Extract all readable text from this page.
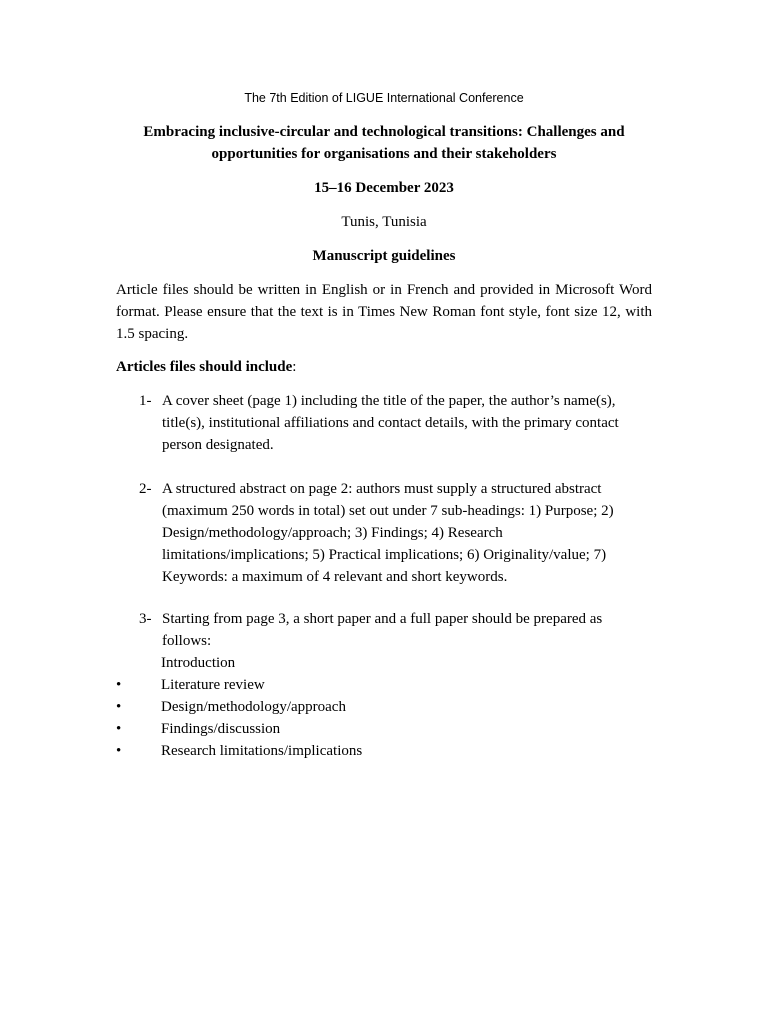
The 7th Edition of LIGUE International Conference
Embracing inclusive-circular and technological transitions: Challenges and
opportunities for organisations and their stakeholders
15–16 December 2023
Tunis, Tunisia
Manuscript guidelines

Article files should be written in English or in French and provided in Microsoft Word format. Please ensure that the text is in Times New Roman font style, font size 12, with 1.5 spacing.

Articles files should include:
1- A cover sheet (page 1) including the title of the paper, the author’s name(s), title(s), institutional affiliations and contact details, with the primary contact person designated.
2- A structured abstract on page 2: authors must supply a structured abstract (maximum 250 words in total) set out under 7 sub-headings: 1) Purpose; 2) Design/methodology/approach; 3) Findings; 4) Research limitations/implications; 5) Practical implications; 6) Originality/value; 7) Keywords: a maximum of 4 relevant and short keywords.
3- Starting from page 3, a short paper and a full paper should be prepared as follows:
Introduction
•	Literature review
•	Design/methodology/approach
•	Findings/discussion
•	Research limitations/implications
